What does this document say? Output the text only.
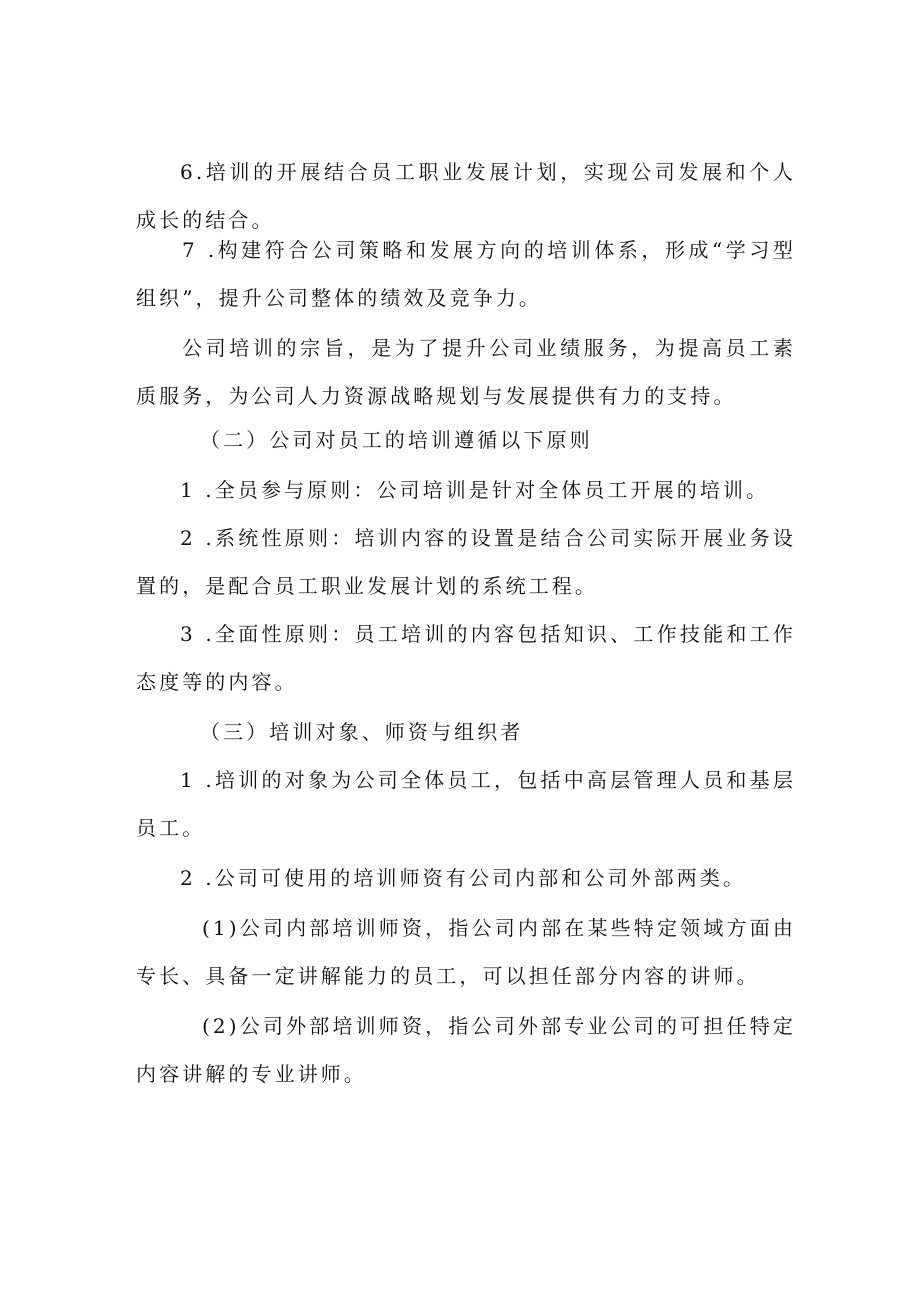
6.培训的开展结合员工职业发展计划，实现公司发展和个人成长的结合。

7 .构建符合公司策略和发展方向的培训体系，形成“学习型组织”，提升公司整体的绩效及竞争力。

公司培训的宗旨，是为了提升公司业绩服务，为提高员工素质服务，为公司人力资源战略规划与发展提供有力的支持。

（二）公司对员工的培训遵循以下原则

1 .全员参与原则：公司培训是针对全体员工开展的培训。

2 .系统性原则：培训内容的设置是结合公司实际开展业务设置的，是配合员工职业发展计划的系统工程。

3 .全面性原则：员工培训的内容包括知识、工作技能和工作态度等的内容。

（三）培训对象、师资与组织者

1 .培训的对象为公司全体员工，包括中高层管理人员和基层员工。

2 .公司可使用的培训师资有公司内部和公司外部两类。

(1)公司内部培训师资，指公司内部在某些特定领域方面由专长、具备一定讲解能力的员工，可以担任部分内容的讲师。

(2)公司外部培训师资，指公司外部专业公司的可担任特定内容讲解的专业讲师。
